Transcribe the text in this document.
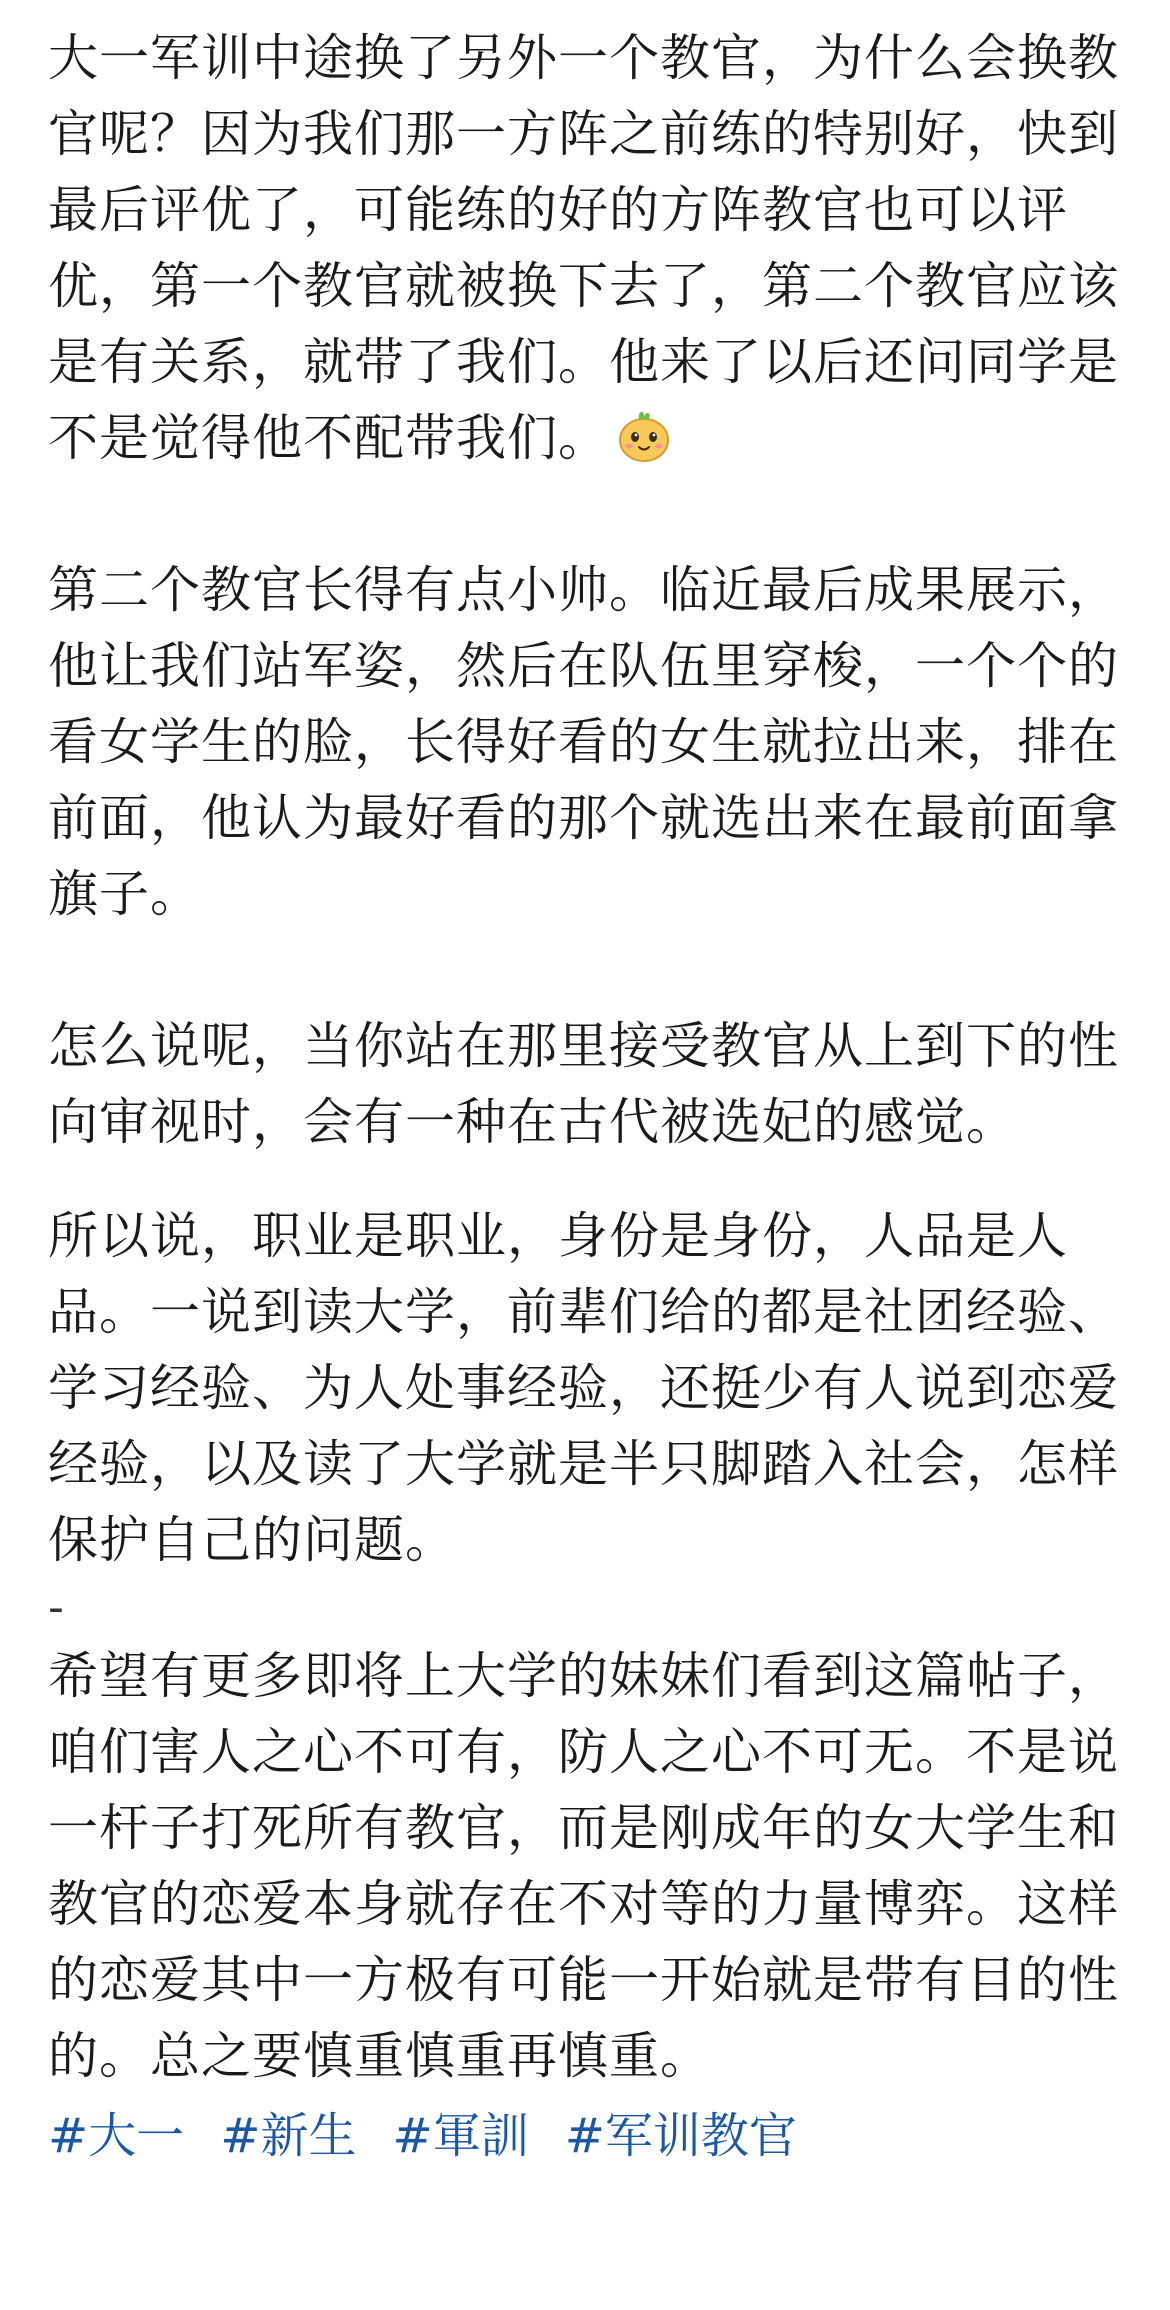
大一军训中途换了另外一个教官，为什么会换教官呢？因为我们那一方阵之前练的特别好，快到最后评优了，可能练的好的方阵教官也可以评优，第一个教官就被换下去了，第二个教官应该是有关系，就带了我们。他来了以后还问同学是不是觉得他不配带我们。

第二个教官长得有点小帅。临近最后成果展示，他让我们站军姿，然后在队伍里穿梭，一个个的看女学生的脸，长得好看的女生就拉出来，排在前面，他认为最好看的那个就选出来在最前面拿旗子。

怎么说呢，当你站在那里接受教官从上到下的性向审视时，会有一种在古代被选妃的感觉。

所以说，职业是职业，身份是身份，人品是人品。一说到读大学，前辈们给的都是社团经验、学习经验、为人处事经验，还挺少有人说到恋爱经验，以及读了大学就是半只脚踏入社会，怎样保护自己的问题。

-

希望有更多即将上大学的妹妹们看到这篇帖子，咱们害人之心不可有，防人之心不可无。不是说一杆子打死所有教官，而是刚成年的女大学生和教官的恋爱本身就存在不对等的力量博弈。这样的恋爱其中一方极有可能一开始就是带有目的性的。总之要慎重慎重再慎重。

#大一 #新生 #軍訓 #军训教官
